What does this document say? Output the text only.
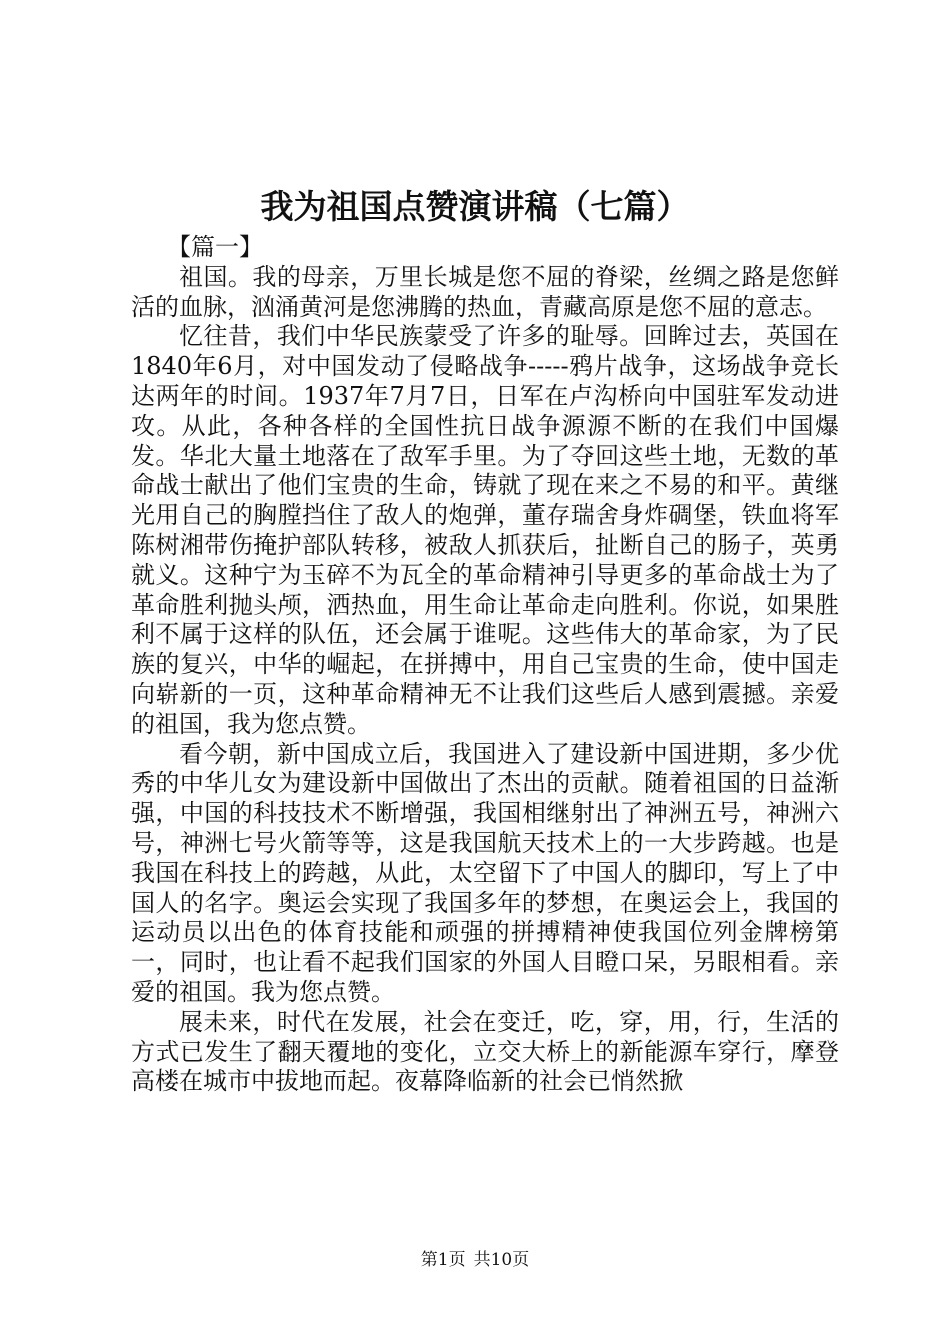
我为祖国点赞演讲稿（七篇）

【篇一】

祖国。我的母亲，万里长城是您不屈的脊梁，丝绸之路是您鲜活的血脉，汹涌黄河是您沸腾的热血，青藏高原是您不屈的意志。

忆往昔，我们中华民族蒙受了许多的耻辱。回眸过去，英国在1840年6月，对中国发动了侵略战争-----鸦片战争，这场战争竞长达两年的时间。1937年7月7日，日军在卢沟桥向中国驻军发动进攻。从此，各种各样的全国性抗日战争源源不断的在我们中国爆发。华北大量土地落在了敌军手里。为了夺回这些土地，无数的革命战士献出了他们宝贵的生命，铸就了现在来之不易的和平。黄继光用自己的胸膛挡住了敌人的炮弹，董存瑞舍身炸碉堡，铁血将军陈树湘带伤掩护部队转移，被敌人抓获后，扯断自己的肠子，英勇就义。这种宁为玉碎不为瓦全的革命精神引导更多的革命战士为了革命胜利抛头颅，洒热血，用生命让革命走向胜利。你说，如果胜利不属于这样的队伍，还会属于谁呢。这些伟大的革命家，为了民族的复兴，中华的崛起，在拼搏中，用自己宝贵的生命，使中国走向崭新的一页，这种革命精神无不让我们这些后人感到震撼。亲爱的祖国，我为您点赞。

看今朝，新中国成立后，我国进入了建设新中国进期，多少优秀的中华儿女为建设新中国做出了杰出的贡献。随着祖国的日益渐强，中国的科技技术不断增强，我国相继射出了神洲五号，神洲六号，神洲七号火箭等等，这是我国航天技术上的一大步跨越。也是我国在科技上的跨越，从此，太空留下了中国人的脚印，写上了中国人的名字。奥运会实现了我国多年的梦想，在奥运会上，我国的运动员以出色的体育技能和顽强的拼搏精神使我国位列金牌榜第一，同时，也让看不起我们国家的外国人目瞪口呆，另眼相看。亲爱的祖国。我为您点赞。

展未来，时代在发展，社会在变迁，吃，穿，用，行，生活的方式已发生了翻天覆地的变化，立交大桥上的新能源车穿行，摩登高楼在城市中拔地而起。夜幕降临新的社会已悄然掀

第1页 共10页
